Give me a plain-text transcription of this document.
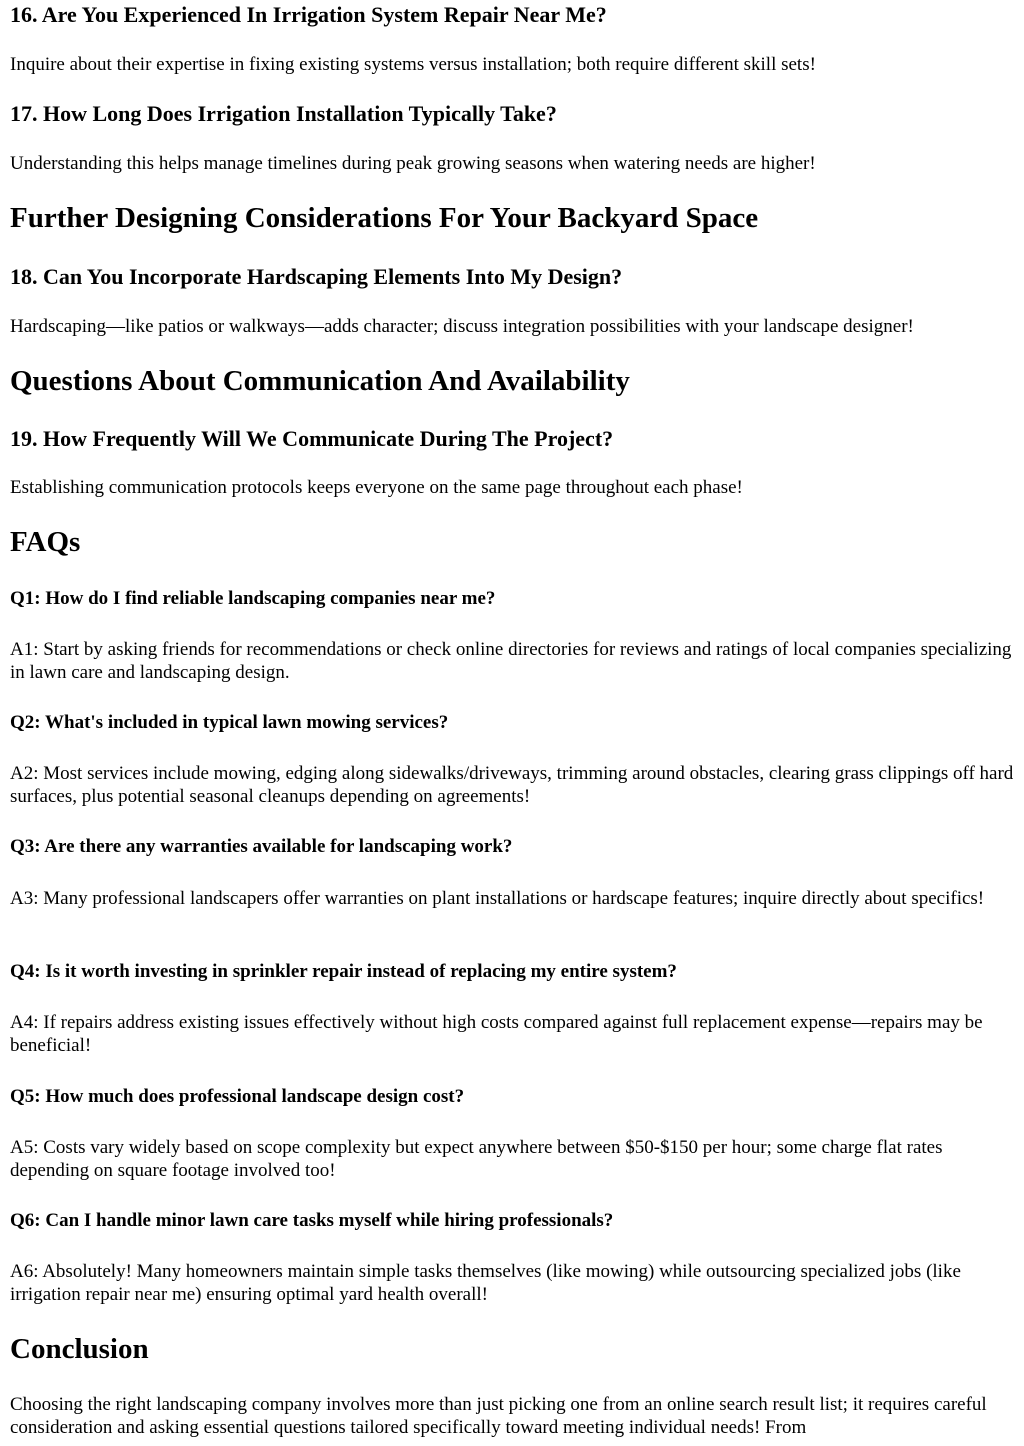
16. Are You Experienced In Irrigation System Repair Near Me?

Inquire about their expertise in fixing existing systems versus installation; both require different skill sets!

17. How Long Does Irrigation Installation Typically Take?

Understanding this helps manage timelines during peak growing seasons when watering needs are higher!

Further Designing Considerations For Your Backyard Space
18. Can You Incorporate Hardscaping Elements Into My Design?

Hardscaping—like patios or walkways—adds character; discuss integration possibilities with your landscape designer!

Questions About Communication And Availability
19. How Frequently Will We Communicate During The Project?

Establishing communication protocols keeps everyone on the same page throughout each phase!

FAQs
Q1: How do I find reliable landscaping companies near me?

A1: Start by asking friends for recommendations or check online directories for reviews and ratings of local companies specializing in lawn care and landscaping design.

Q2: What's included in typical lawn mowing services?

A2: Most services include mowing, edging along sidewalks/driveways, trimming around obstacles, clearing grass clippings off hard surfaces, plus potential seasonal cleanups depending on agreements!

Q3: Are there any warranties available for landscaping work?

A3: Many professional landscapers offer warranties on plant installations or hardscape features; inquire directly about specifics!

Q4: Is it worth investing in sprinkler repair instead of replacing my entire system?

A4: If repairs address existing issues effectively without high costs compared against full replacement expense—repairs may be beneficial!

Q5: How much does professional landscape design cost?

A5: Costs vary widely based on scope complexity but expect anywhere between $50-$150 per hour; some charge flat rates depending on square footage involved too!

Q6: Can I handle minor lawn care tasks myself while hiring professionals?

A6: Absolutely! Many homeowners maintain simple tasks themselves (like mowing) while outsourcing specialized jobs (like irrigation repair near me) ensuring optimal yard health overall!

Conclusion

Choosing the right landscaping company involves more than just picking one from an online search result list; it requires careful consideration and asking essential questions tailored specifically toward meeting individual needs! From
